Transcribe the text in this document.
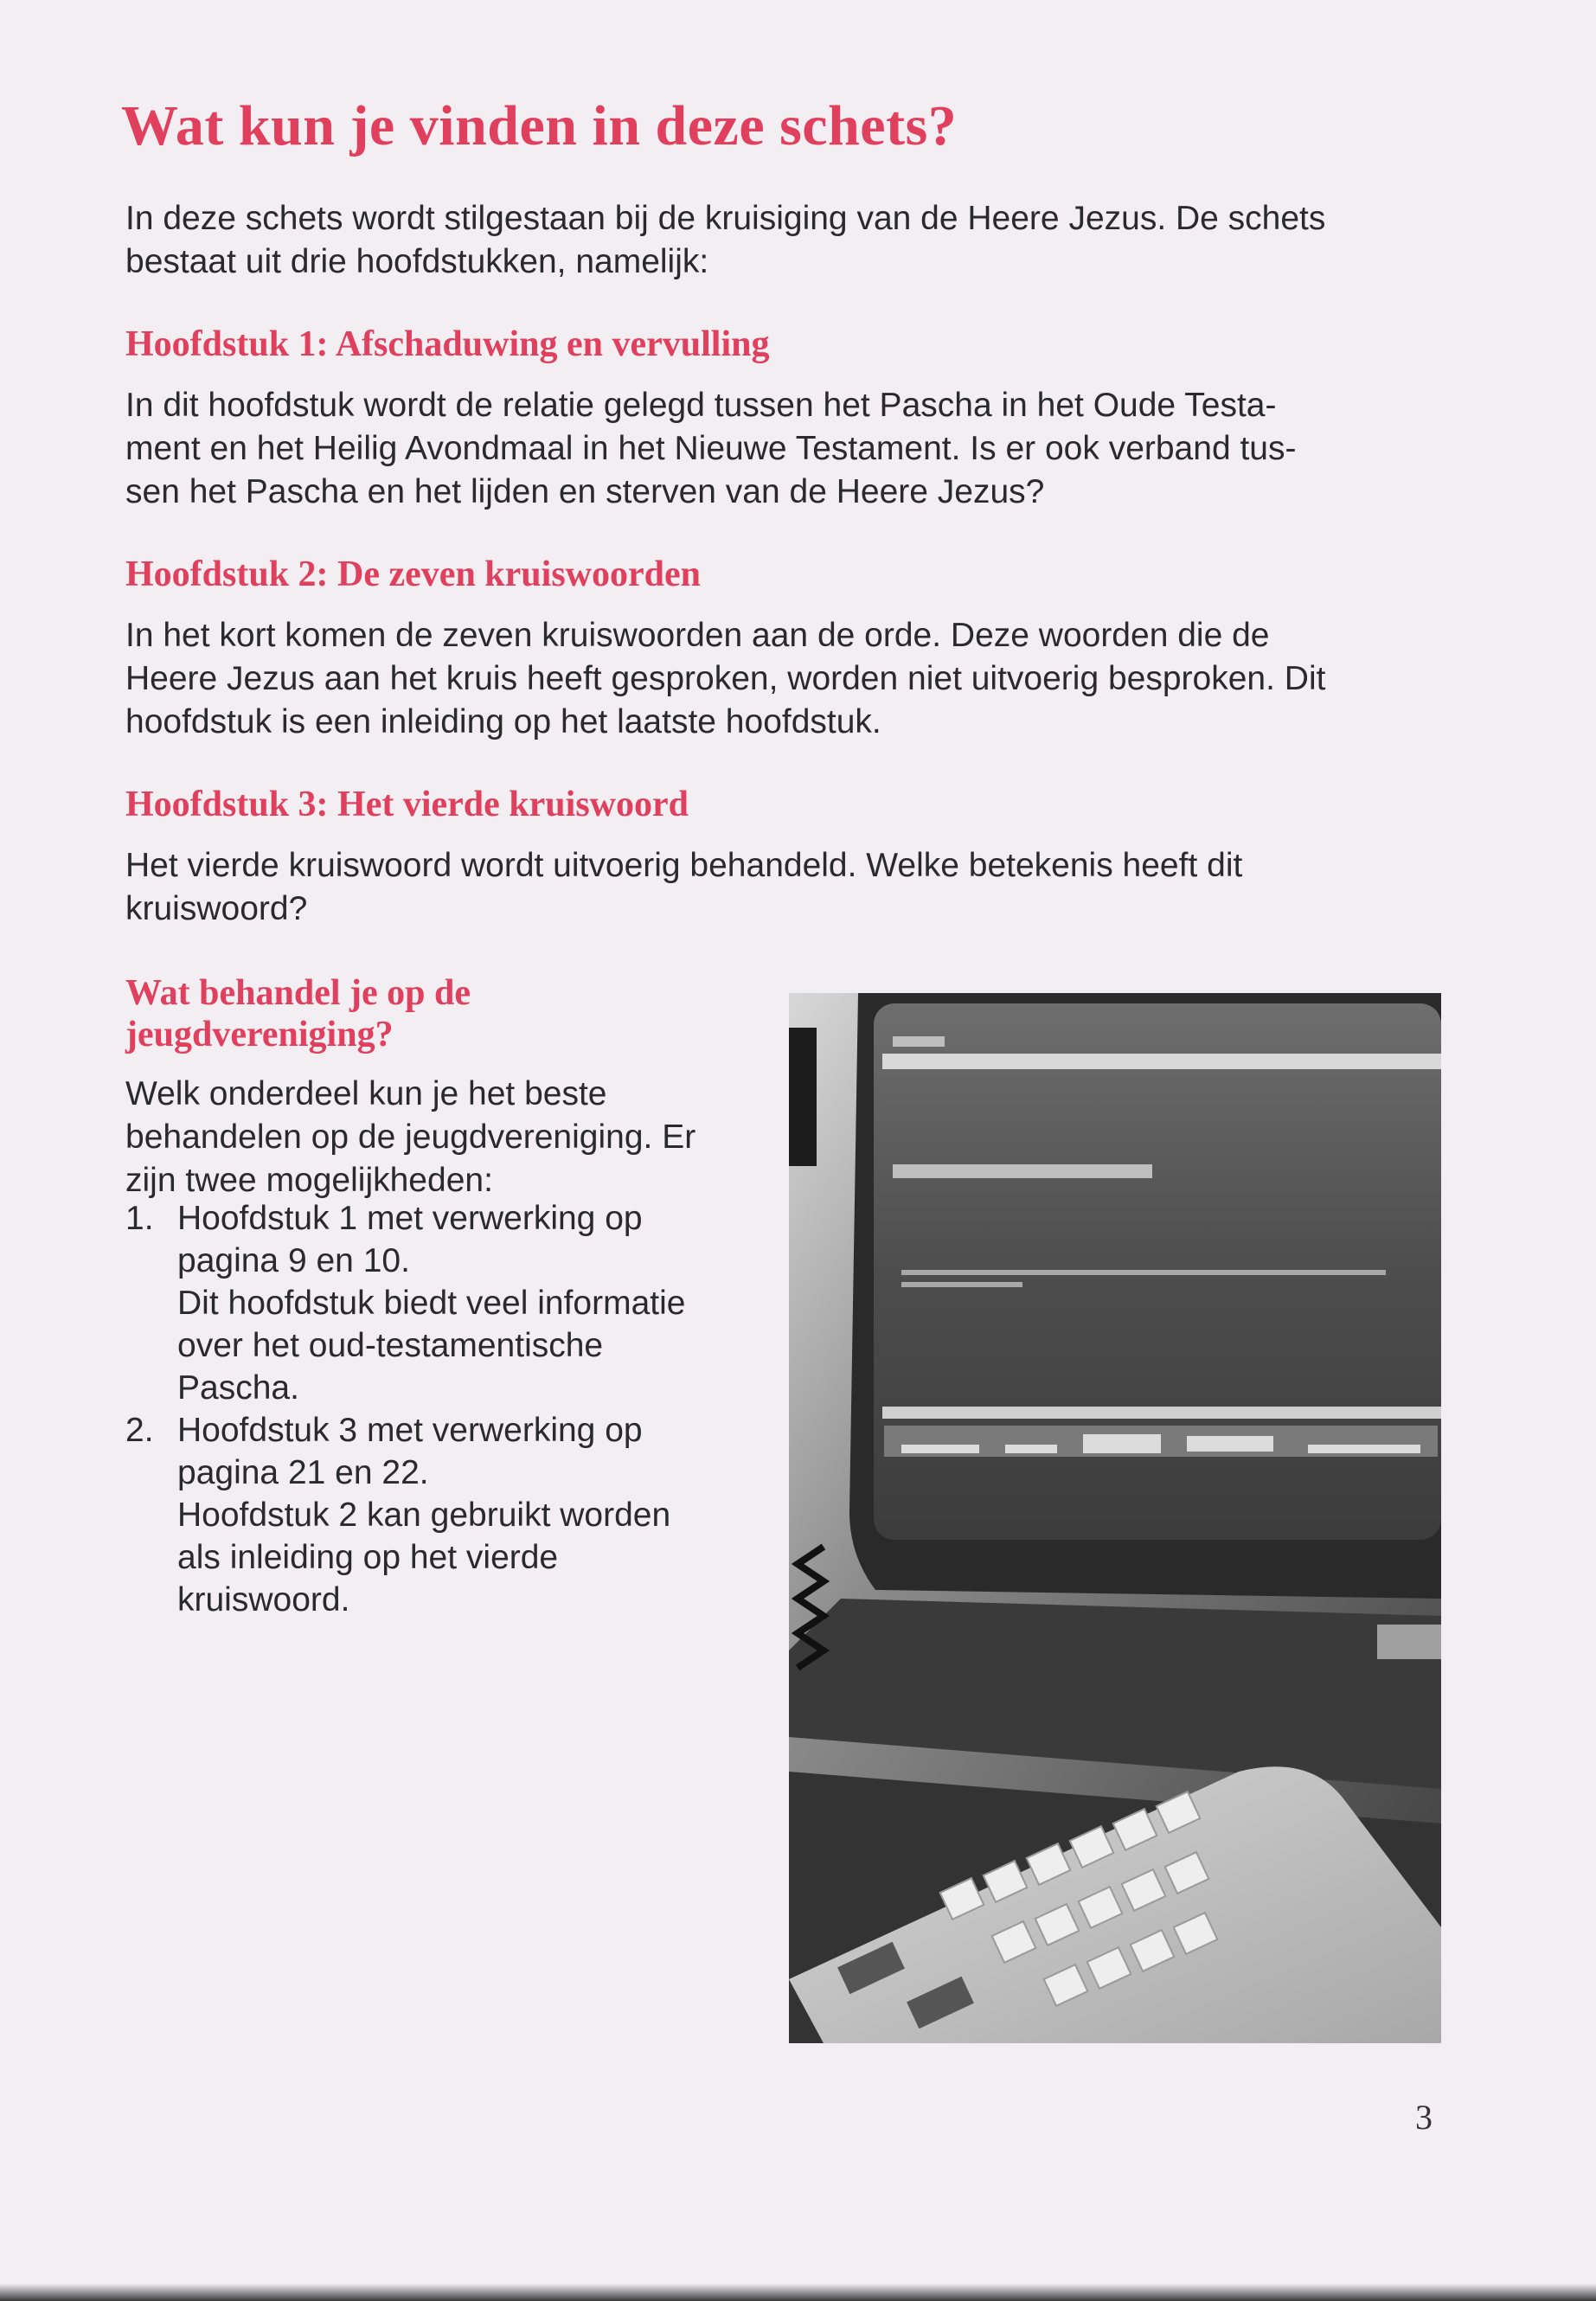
Wat kun je vinden in deze schets?

In deze schets wordt stilgestaan bij de kruisiging van de Heere Jezus. De schets
bestaat uit drie hoofdstukken, namelijk:

Hoofdstuk 1: Afschaduwing en vervulling

In dit hoofdstuk wordt de relatie gelegd tussen het Pascha in het Oude Testa-
ment en het Heilig Avondmaal in het Nieuwe Testament. Is er ook verband tus-
sen het Pascha en het lijden en sterven van de Heere Jezus?

Hoofdstuk 2: De zeven kruiswoorden

In het kort komen de zeven kruiswoorden aan de orde. Deze woorden die de
Heere Jezus aan het kruis heeft gesproken, worden niet uitvoerig besproken. Dit
hoofdstuk is een inleiding op het laatste hoofdstuk.

Hoofdstuk 3: Het vierde kruiswoord

Het vierde kruiswoord wordt uitvoerig behandeld. Welke betekenis heeft dit
kruiswoord?

Wat behandel je op de
jeugdvereniging?

Welk onderdeel kun je het beste
behandelen op de jeugdvereniging. Er
zijn twee mogelijkheden:

1. Hoofdstuk 1 met verwerking op
pagina 9 en 10.
Dit hoofdstuk biedt veel informatie
over het oud-testamentische
Pascha.
2. Hoofdstuk 3 met verwerking op
pagina 21 en 22.
Hoofdstuk 2 kan gebruikt worden
als inleiding op het vierde
kruiswoord.

3
